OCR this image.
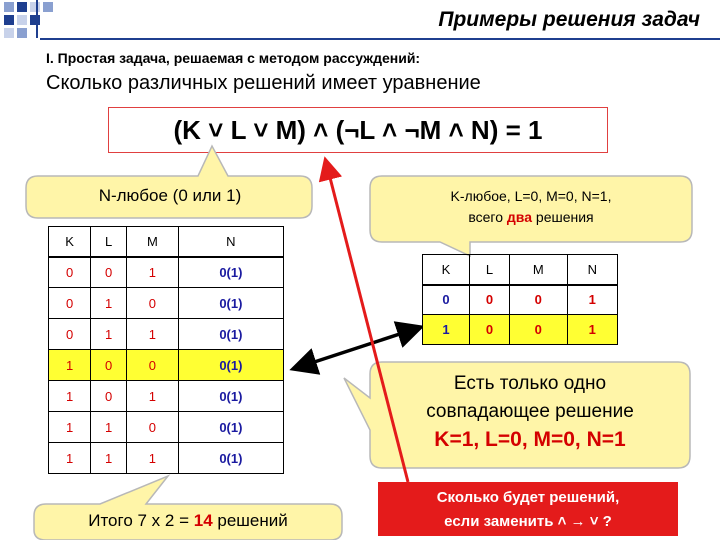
Примеры решения задач
I. Простая задача, решаемая с методом рассуждений:
Сколько различных решений имеет уравнение
(K ˅ L ˅ M) ˄ (¬L ˄ ¬M ˄ N) = 1
N-любое (0 или 1)	K-любое, L=0, M=0, N=1,
всего два решения
K	L	M	N
0	0	1	0(1)
0	1	0	0(1)
0	1	1	0(1)
1	0	0	0(1)
1	0	1	0(1)
1	1	0	0(1)
1	1	1	0(1)
K	L	M	N
0	0	0	1
1	0	0	1
Есть только одно
совпадающее решение
K=1, L=0, M=0, N=1
Итого 7 х 2 = 14 решений
Сколько будет решений,
если заменить ˄ → ˅ ?
